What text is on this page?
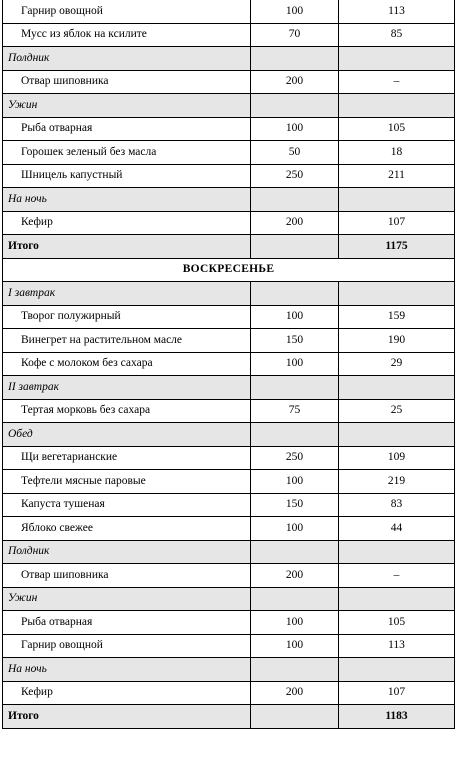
Гарнир овощной	100	113
Мусс из яблок на ксилите	70	85
Полдник		
Отвар шиповника	200	–
Ужин		
Рыба отварная	100	105
Горошек зеленый без масла	50	18
Шницель капустный	250	211
На ночь		
Кефир	200	107
Итого		1175
ВОСКРЕСЕНЬЕ		
I завтрак		
Творог полужирный	100	159
Винегрет на растительном масле	150	190
Кофе с молоком без сахара	100	29
II завтрак		
Тертая морковь без сахара	75	25
Обед		
Щи вегетарианские	250	109
Тефтели мясные паровые	100	219
Капуста тушеная	150	83
Яблоко свежее	100	44
Полдник		
Отвар шиповника	200	–
Ужин		
Рыба отварная	100	105
Гарнир овощной	100	113
На ночь		
Кефир	200	107
Итого		1183
